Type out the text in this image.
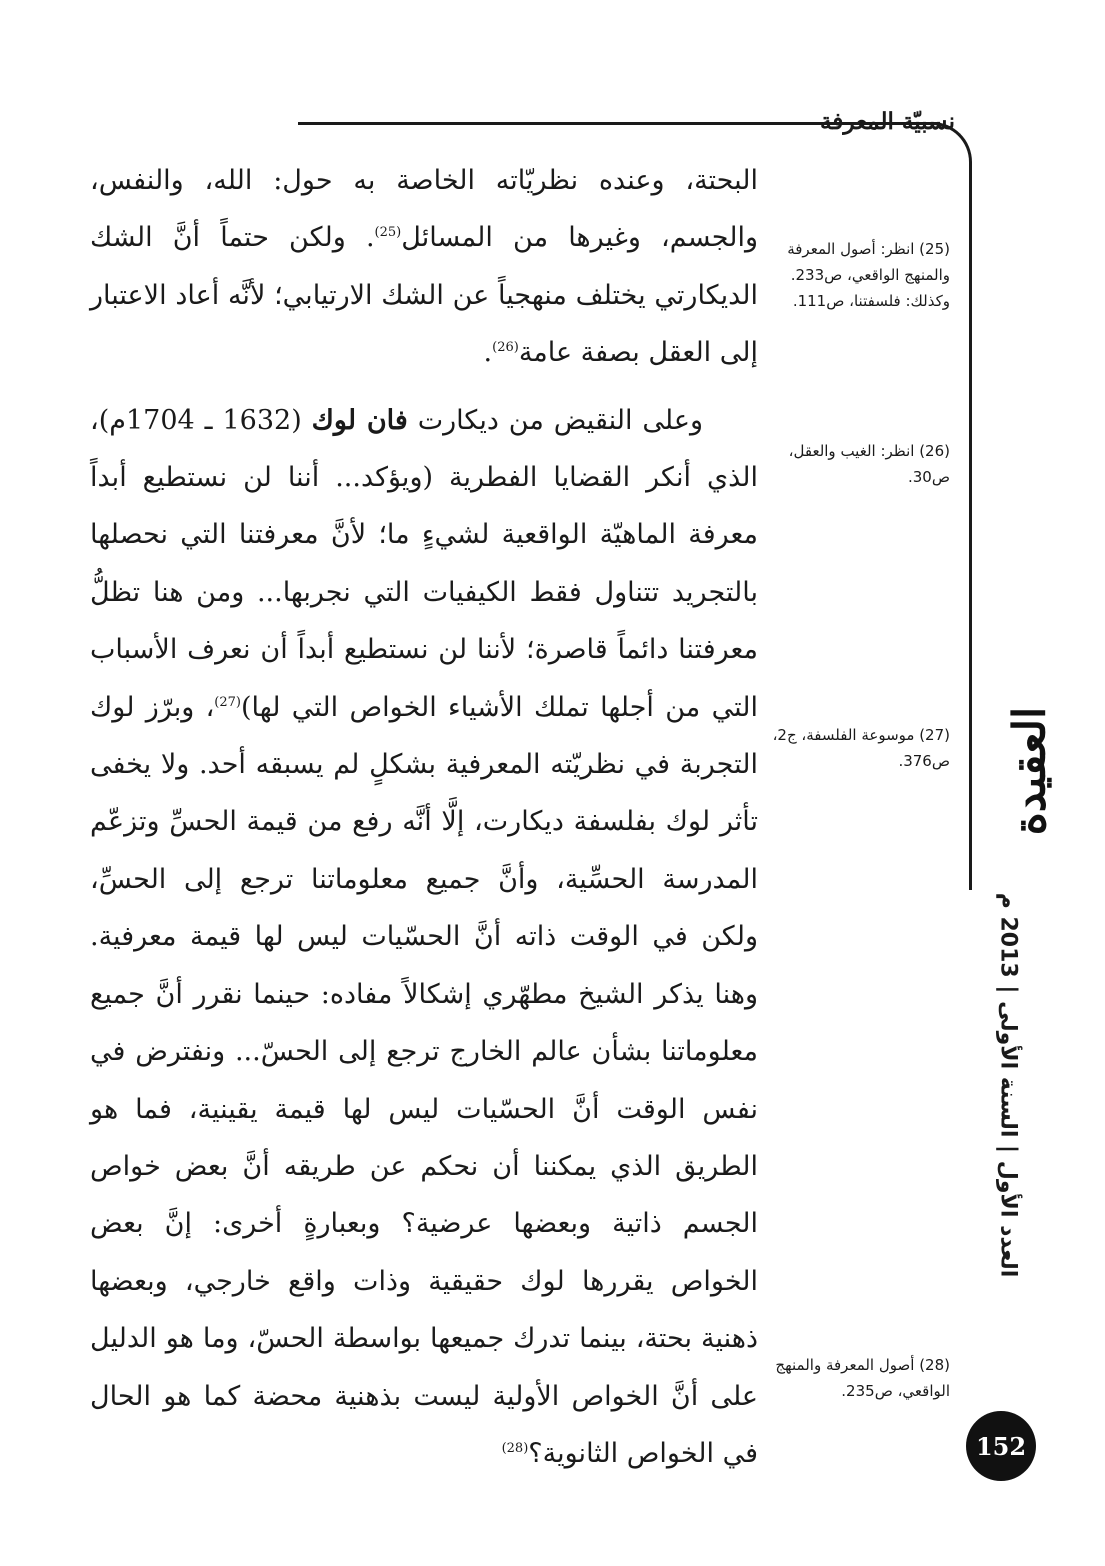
نسبيّة المعرفة

البحتة، وعنده نظريّاته الخاصة به حول: الله، والنفس، والجسم، وغيرها من المسائل$^{(25)}$. ولكن حتماً أنَّ الشك الديكارتي يختلف منهجياً عن الشك الارتيابي؛ لأنَّه أعاد الاعتبار إلى العقل بصفة عامة$^{(26)}$.

وعلى النقيض من ديكارت فان لوك (1632 ـ 1704م)، الذي أنكر القضايا الفطرية (ويؤكد... أننا لن نستطيع أبداً معرفة الماهيّة الواقعية لشيءٍ ما؛ لأنَّ معرفتنا التي نحصلها بالتجريد تتناول فقط الكيفيات التي نجربها... ومن هنا تظلُّ معرفتنا دائماً قاصرة؛ لأننا لن نستطيع أبداً أن نعرف الأسباب التي من أجلها تملك الأشياء الخواص التي لها)$^{(27)}$، وبرّز لوك التجربة في نظريّته المعرفية بشكلٍ لم يسبقه أحد. ولا يخفى تأثر لوك بفلسفة ديكارت، إلَّا أنَّه رفع من قيمة الحسِّ وتزعّم المدرسة الحسِّية، وأنَّ جميع معلوماتنا ترجع إلى الحسِّ، ولكن في الوقت ذاته أنَّ الحسّيات ليس لها قيمة معرفية. وهنا يذكر الشيخ مطهّري إشكالاً مفاده: حينما نقرر أنَّ جميع معلوماتنا بشأن عالم الخارج ترجع إلى الحسّ... ونفترض في نفس الوقت أنَّ الحسّيات ليس لها قيمة يقينية، فما هو الطريق الذي يمكننا أن نحكم عن طريقه أنَّ بعض خواص الجسم ذاتية وبعضها عرضية؟ وبعبارةٍ أخرى: إنَّ بعض الخواص يقررها لوك حقيقية وذات واقع خارجي، وبعضها ذهنية بحتة، بينما تدرك جميعها بواسطة الحسّ، وما هو الدليل على أنَّ الخواص الأولية ليست بذهنية محضة كما هو الحال في الخواص الثانوية؟$^{(28)}$

(25) انظر: أصول المعرفة والمنهج الواقعي، ص233. وكذلك: فلسفتنا، ص111.
(26) انظر: الغيب والعقل، ص30.
(27) موسوعة الفلسفة، ج2، ص376.
(28) أصول المعرفة والمنهج الواقعي، ص235.
العقيدة
العدد الأول | السنة الأولى | 2013 م
152
